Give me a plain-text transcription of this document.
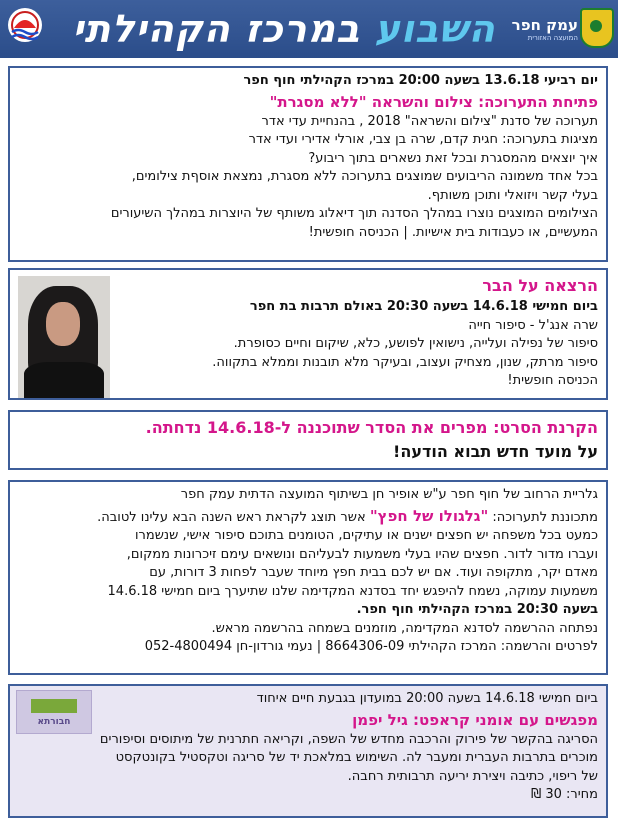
השבוע במרכז הקהילתי	עמק חפר
המועצה האזורית
יום רביעי 13.6.18 בשעה 20:00 במרכז הקהילתי חוף חפר
פתיחת התערוכה: צילום והשראה "ללא מסגרת"
תערוכה של סדנת "צילום והשראה" 2018 , בהנחיית עדי אדר
מציגות בתערוכה: חגית קדם, שרה בן צבי, אורלי אדירי ועדי אדר
איך יוצאים מהמסגרת ובכל זאת נשארים בתוך ריבוע?
בכל אחד משמונה הריבועים שמוצגים בתערוכה ללא מסגרת, נמצאת אוסףת צילומים,
בעלי קשר ויזואלי ותוכן משותף.
הצילומים המוצגים נוצרו במהלך הסדנה תוך דיאלוג משותף של היוצרות במהלך השיעורים
המעשיים, או כעבודות בית אישיות. | הכניסה חופשית!
הרצאה על הבר
ביום חמישי 14.6.18 בשעה 20:30 באולם תרבות בת חפר
שרה אנג'ל - סיפור חייה
סיפור של נפילה ועלייה, נישואין לפושע, כלא, שיקום וחיים כסופרת.
סיפור מרתק, שנון, מצחיק ועצוב, ובעיקר מלא תובנות וממלא בתקווה.
הכניסה חופשית!
הקרנת הסרט: מפרים את הסדר שתוכננה ל-14.6.18 נדחתה.
על מועד חדש תבוא הודעה!
גלריית הרחוב של חוף חפר ע"ש אופיר חן בשיתוף המועצה הדתית עמק חפר
מתכוננת לתערוכה: "גלגולו של חפץ" אשר תוצג לקראת ראש השנה הבא עלינו לטובה.
כמעט בכל משפחה יש חפצים ישנים או עתיקים, הטומנים בתוכם סיפור אישי, שנשמרו
ועברו מדור לדור. חפצים שהיו בעלי משמעות לבעליהם ונושאים עימם זיכרונות ממקום,
מאדם יקר, מתקופה ועוד. אם יש לכם בבית חפץ מיוחד שעבר לפחות 3 דורות, עם
משמעות עמוקה, נשמח להיפגש יחד בסדנא המקדימה שלנו שתיערך ביום חמישי 14.6.18
בשעה 20:30 במרכז הקהילתי חוף חפר.
נפתחה ההרשמה לסדנא המקדימה, מוזמנים בשמחה בהרשמה מראש.
לפרטים והרשמה: המרכז הקהילתי 8664306-09 | נעמי גורדון-חן 052-4800494
חבורתא
ביום חמישי 14.6.18 בשעה 20:00 במועדון בגבעת חיים איחוד
מפגשים עם אומני קראפט: גיל יפמן
הסריגה בהקשר של פירוק והרכבה מחדש של השפה, וקריאה חתרנית של מיתוסים וסיפורים
מוכרים בתרבות העברית ומעבר לה. השימוש במלאכת יד של סריגה וטקסטיל בקונטקסט
של ריפוי, כתיבה ויצירת יריעה תרבותית רחבה.
מחיר: 30 ₪
